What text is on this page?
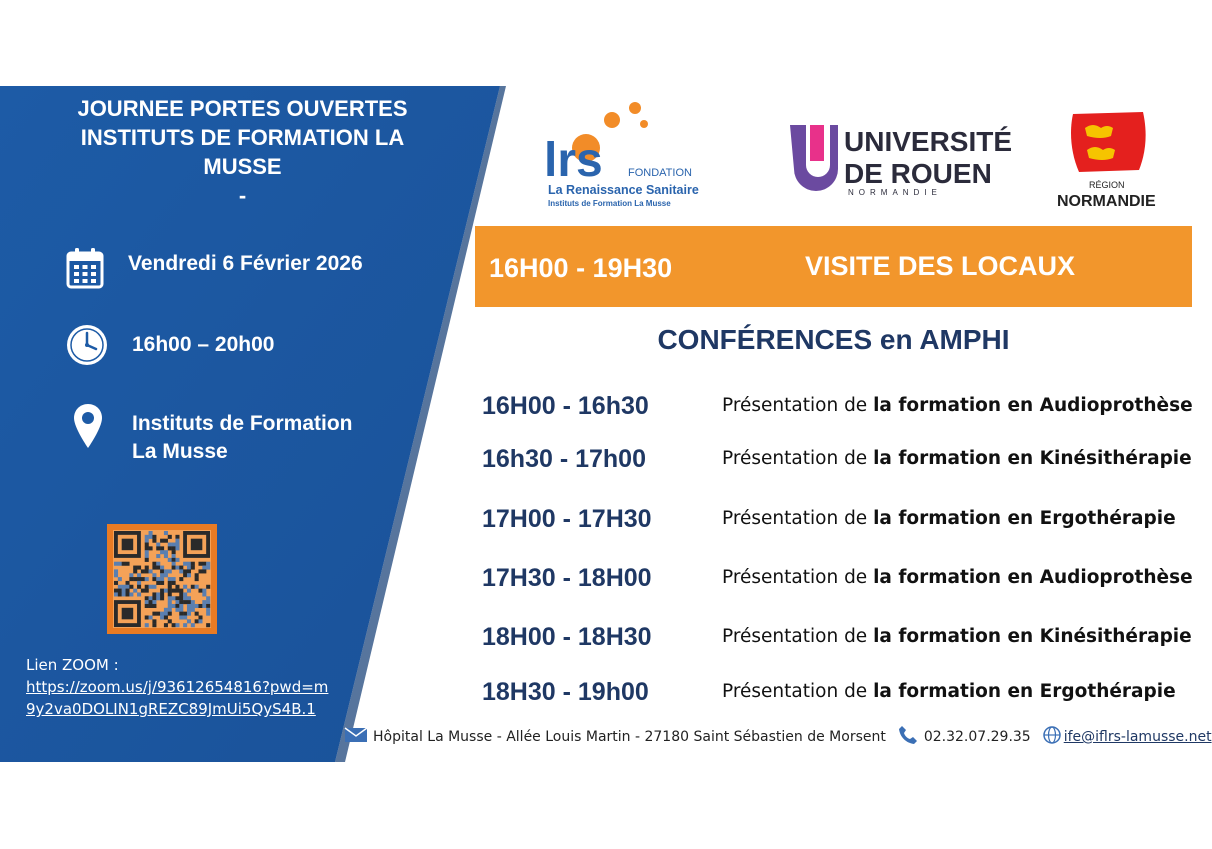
JOURNEE PORTES OUVERTES
INSTITUTS DE FORMATION LA
MUSSE
-
Vendredi 6 Février 2026
16h00 – 20h00
Instituts de Formation
La Musse
Lien ZOOM :
https://zoom.us/j/93612654816?pwd=m
9y2va0DOLIN1gREZC89JmUi5QyS4B.1
lrs FONDATION
La Renaissance Sanitaire
Instituts de Formation La Musse
UNIVERSITÉ
DE ROUEN
NORMANDIE
RÉGION
NORMANDIE
16H00 - 19H30	VISITE DES LOCAUX
CONFÉRENCES en AMPHI
16H00 - 16h30	Présentation de la formation en Audioprothèse
16h30 - 17h00	Présentation de la formation en Kinésithérapie
17H00 - 17H30	Présentation de la formation en Ergothérapie
17H30 - 18H00	Présentation de la formation en Audioprothèse
18H00 - 18H30	Présentation de la formation en Kinésithérapie
18H30 - 19h00	Présentation de la formation en Ergothérapie
Hôpital La Musse - Allée Louis Martin - 27180 Saint Sébastien de Morsent	02.32.07.29.35 ife@iflrs-lamusse.net
